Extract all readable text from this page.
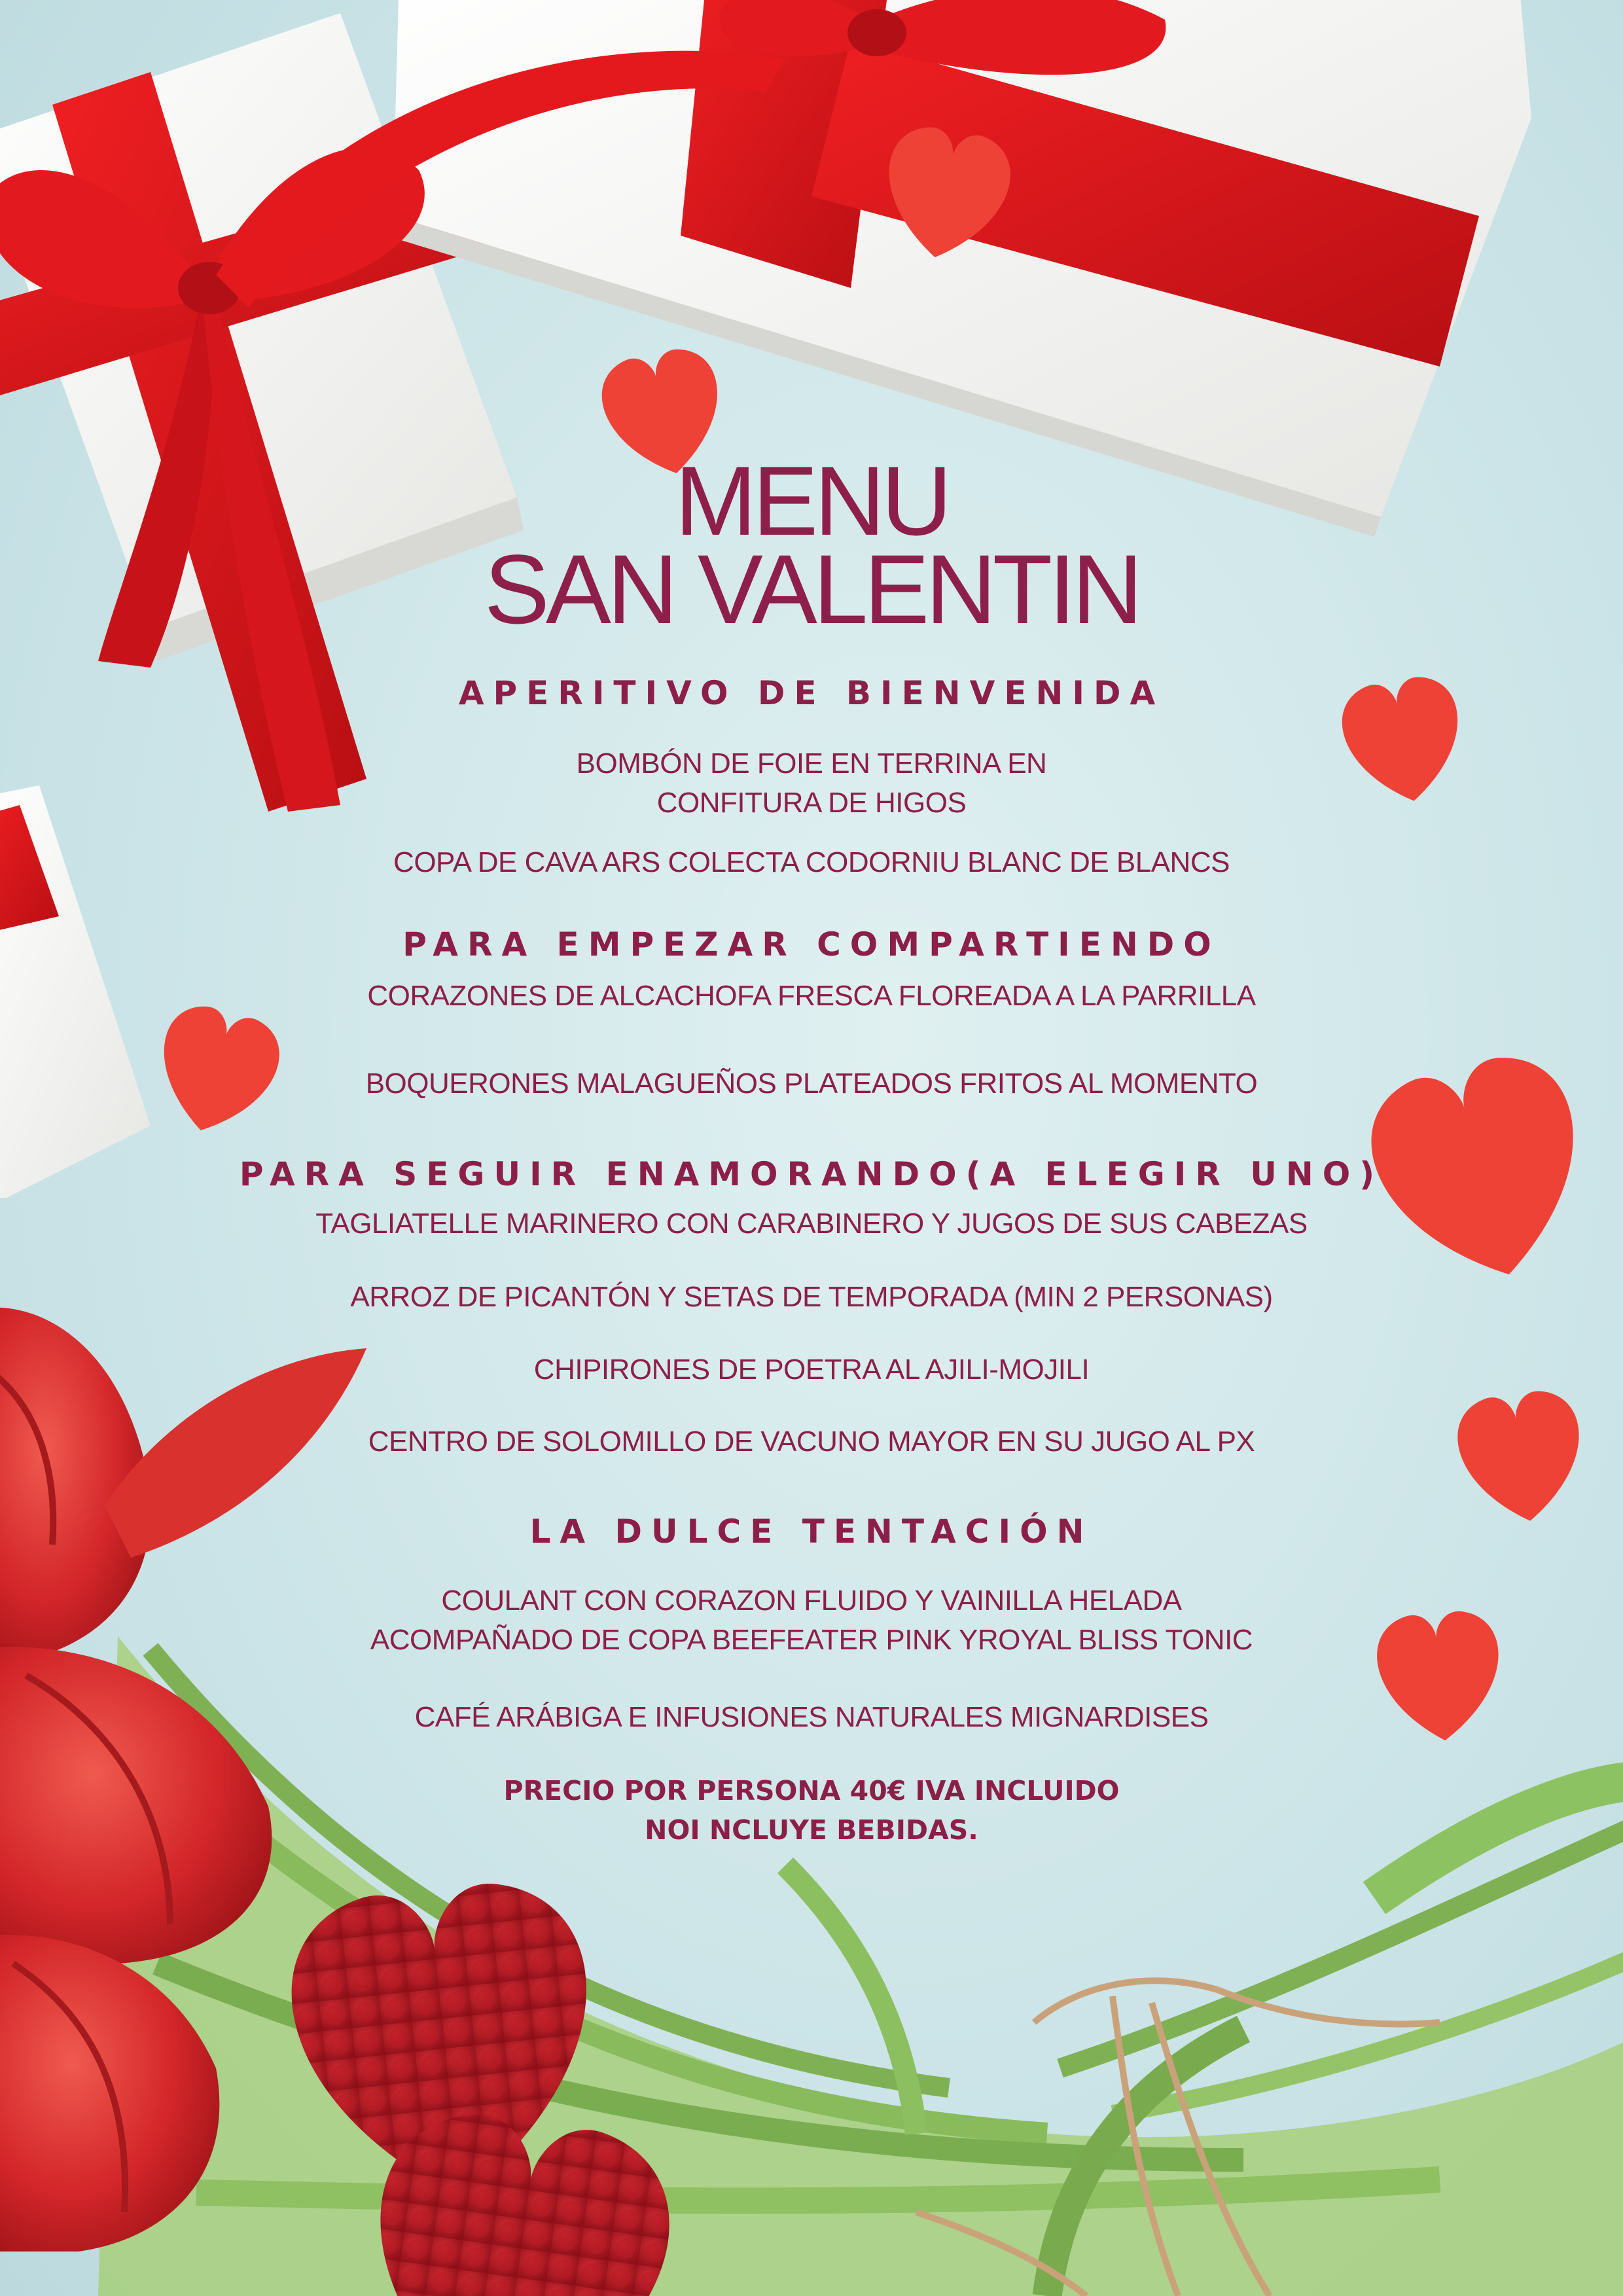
MENU
SAN VALENTIN
APERITIVO DE BIENVENIDA
BOMBÓN DE FOIE EN TERRINA EN
CONFITURA DE HIGOS
COPA DE CAVA ARS COLECTA CODORNIU BLANC DE BLANCS
PARA EMPEZAR COMPARTIENDO
CORAZONES DE ALCACHOFA FRESCA FLOREADA A LA PARRILLA
BOQUERONES MALAGUEÑOS PLATEADOS FRITOS AL MOMENTO
PARA SEGUIR ENAMORANDO(A ELEGIR UNO)
TAGLIATELLE MARINERO CON CARABINERO Y JUGOS DE SUS CABEZAS
ARROZ DE PICANTÓN Y SETAS DE TEMPORADA (MIN 2 PERSONAS)
CHIPIRONES DE POETRA AL AJILI-MOJILI
CENTRO DE SOLOMILLO DE VACUNO MAYOR EN SU JUGO AL PX
LA DULCE TENTACIÓN
COULANT CON CORAZON FLUIDO Y VAINILLA HELADA
ACOMPAÑADO DE COPA BEEFEATER PINK YROYAL BLISS TONIC
CAFÉ ARÁBIGA E INFUSIONES NATURALES MIGNARDISES
PRECIO POR PERSONA 40€ IVA INCLUIDO
NOI NCLUYE BEBIDAS.
